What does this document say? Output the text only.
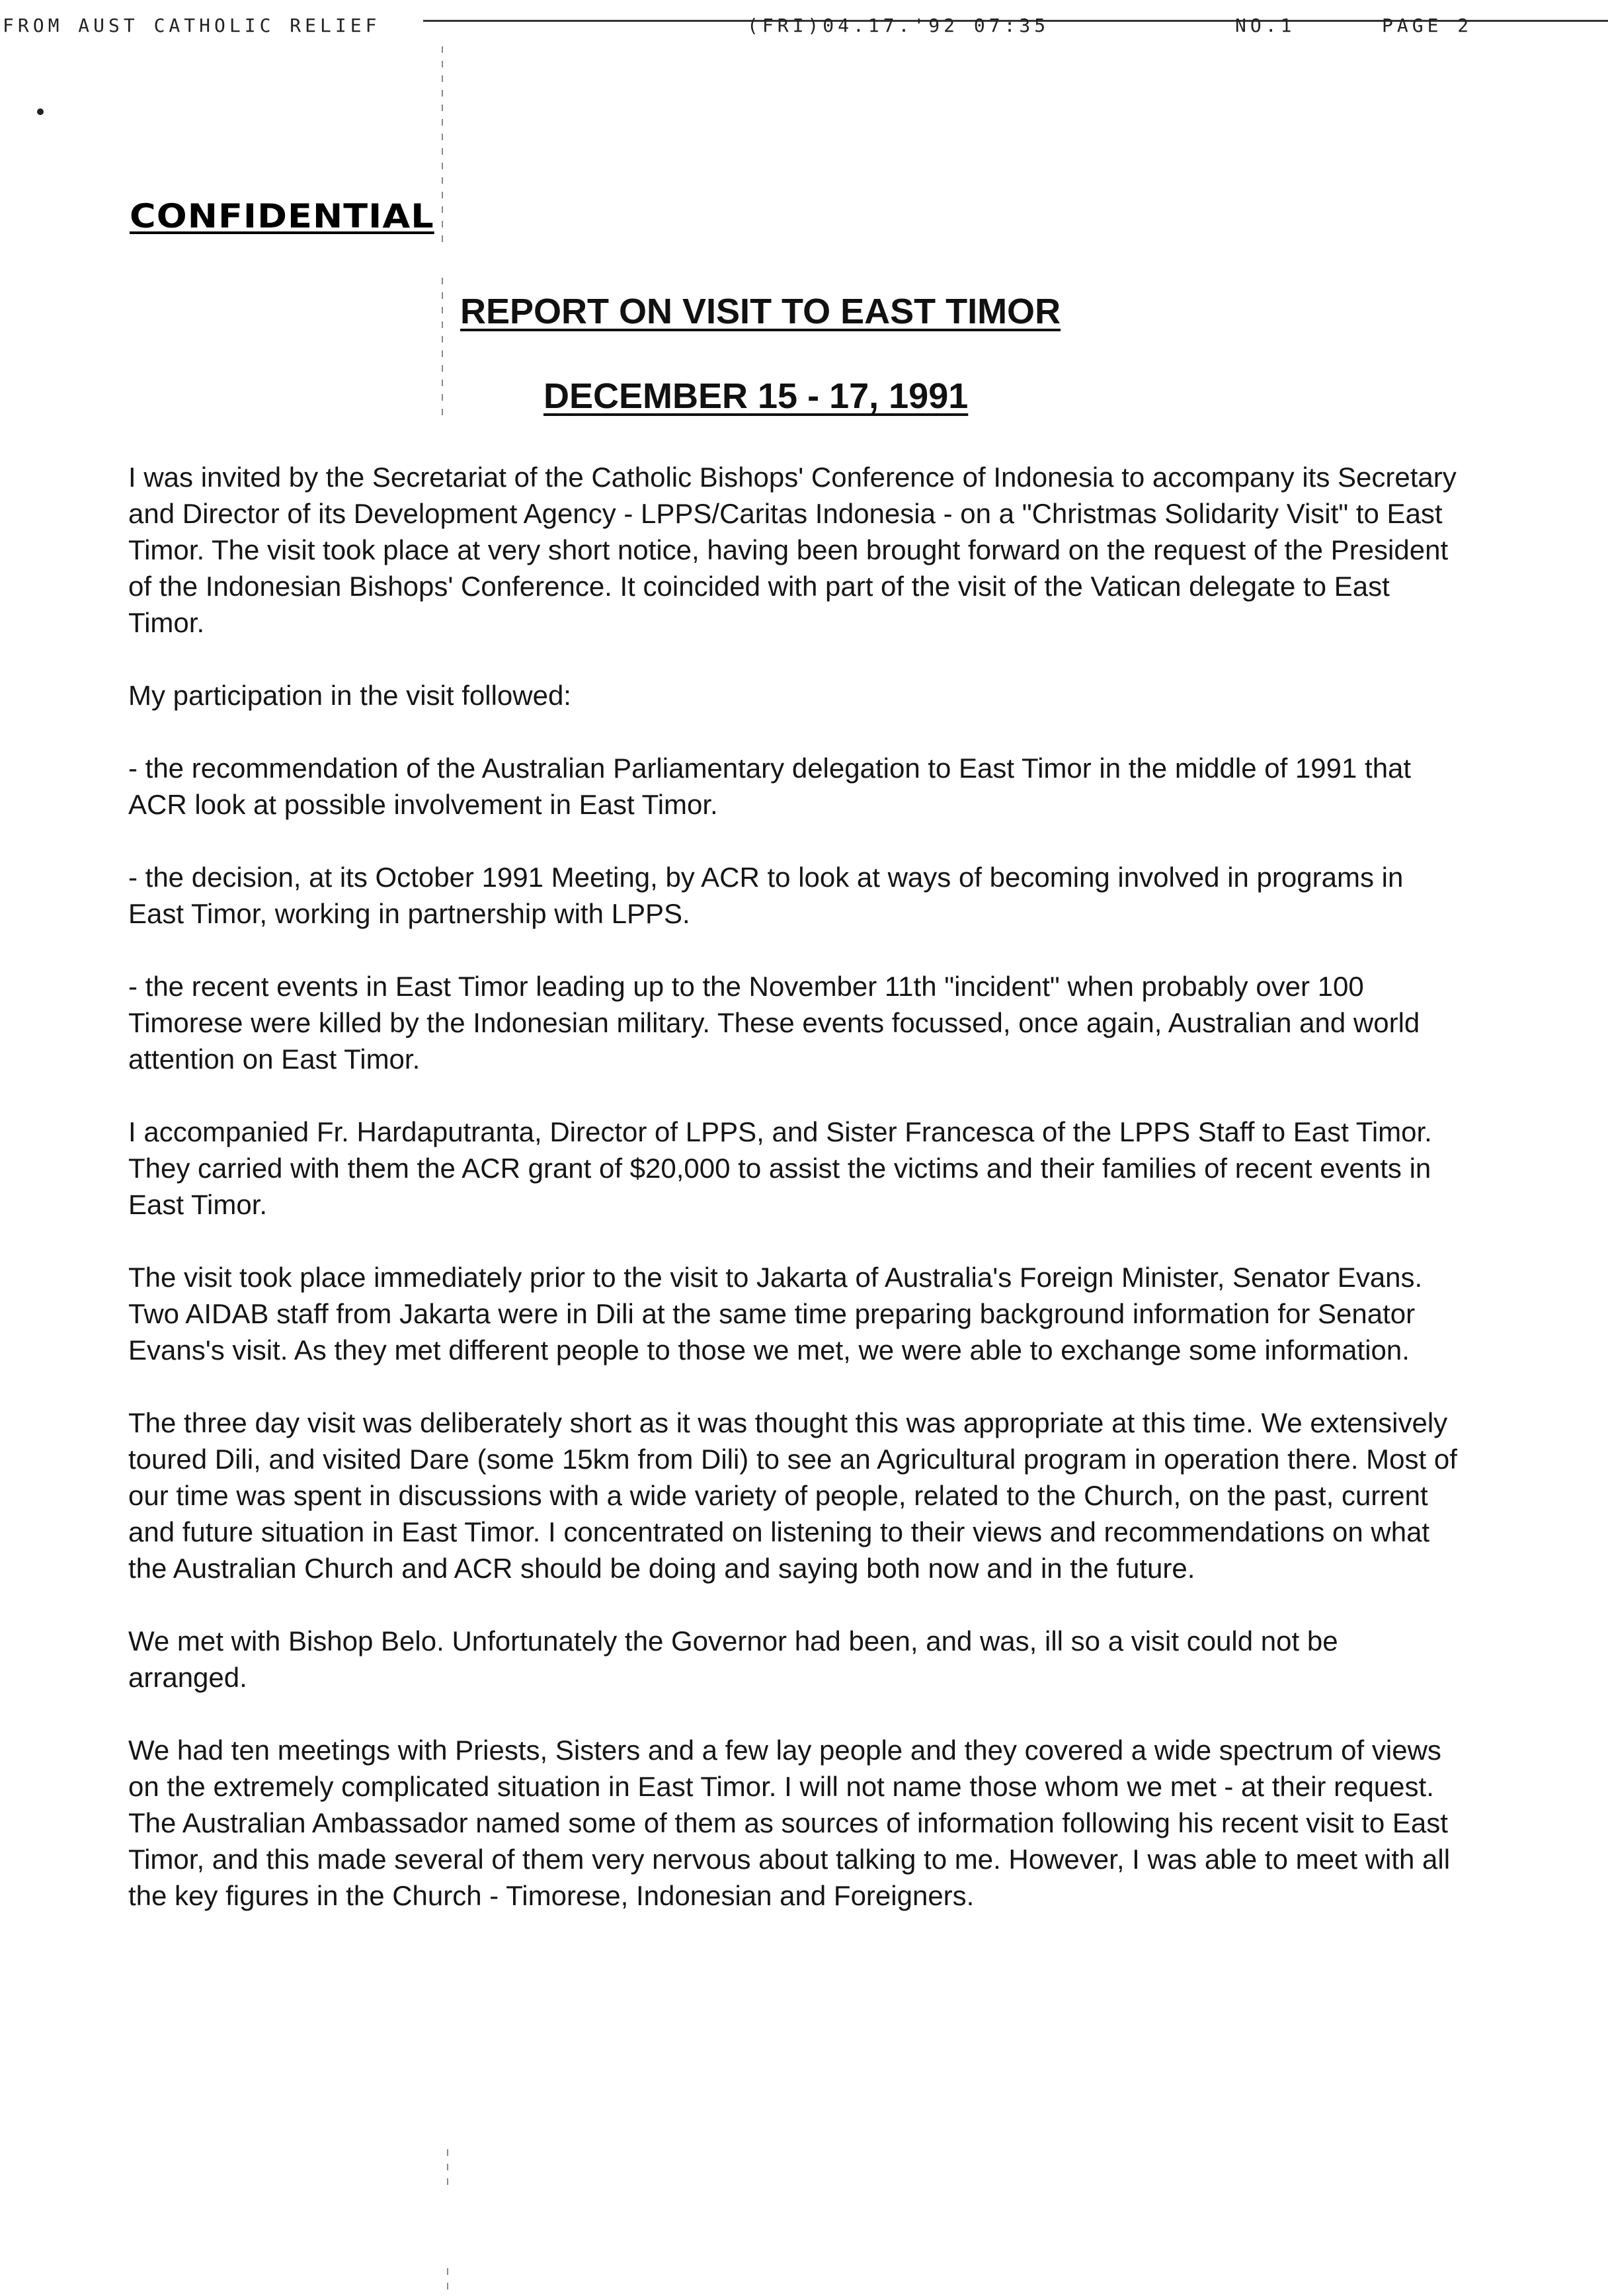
FROM AUST CATHOLIC RELIEF	(FRI)04.17.'92 07:35	NO.1	PAGE 2
CONFIDENTIAL
REPORT ON VISIT TO EAST TIMOR
DECEMBER 15 - 17, 1991

I was invited by the Secretariat of the Catholic Bishops' Conference of Indonesia to accompany its Secretary and Director of its Development Agency - LPPS/Caritas Indonesia - on a "Christmas Solidarity Visit" to East Timor. The visit took place at very short notice, having been brought forward on the request of the President of the Indonesian Bishops' Conference. It coincided with part of the visit of the Vatican delegate to East Timor.

My participation in the visit followed:

- the recommendation of the Australian Parliamentary delegation to East Timor in the middle of 1991 that ACR look at possible involvement in East Timor.

- the decision, at its October 1991 Meeting, by ACR to look at ways of becoming involved in programs in East Timor, working in partnership with LPPS.

- the recent events in East Timor leading up to the November 11th "incident" when probably over 100 Timorese were killed by the Indonesian military. These events focussed, once again, Australian and world attention on East Timor.

I accompanied Fr. Hardaputranta, Director of LPPS, and Sister Francesca of the LPPS Staff to East Timor. They carried with them the ACR grant of $20,000 to assist the victims and their families of recent events in East Timor.

The visit took place immediately prior to the visit to Jakarta of Australia's Foreign Minister, Senator Evans. Two AIDAB staff from Jakarta were in Dili at the same time preparing background information for Senator Evans's visit. As they met different people to those we met, we were able to exchange some information.

The three day visit was deliberately short as it was thought this was appropriate at this time. We extensively toured Dili, and visited Dare (some 15km from Dili) to see an Agricultural program in operation there. Most of our time was spent in discussions with a wide variety of people, related to the Church, on the past, current and future situation in East Timor. I concentrated on listening to their views and recommendations on what the Australian Church and ACR should be doing and saying both now and in the future.

We met with Bishop Belo. Unfortunately the Governor had been, and was, ill so a visit could not be arranged.

We had ten meetings with Priests, Sisters and a few lay people and they covered a wide spectrum of views on the extremely complicated situation in East Timor. I will not name those whom we met - at their request. The Australian Ambassador named some of them as sources of information following his recent visit to East Timor, and this made several of them very nervous about talking to me. However, I was able to meet with all the key figures in the Church - Timorese, Indonesian and Foreigners.
